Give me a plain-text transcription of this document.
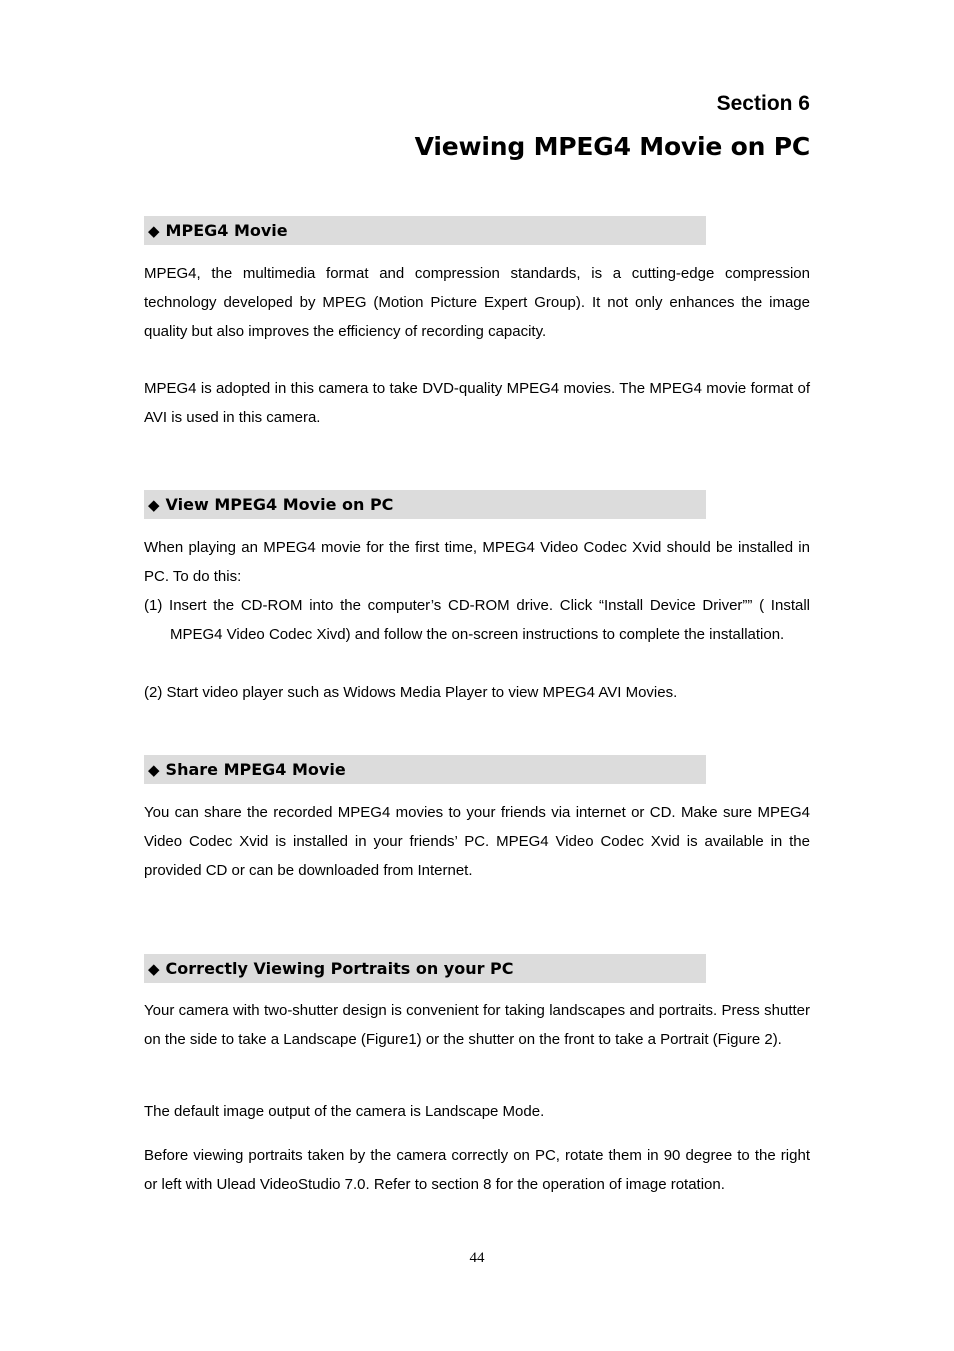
Section 6
Viewing MPEG4 Movie on PC
◆ MPEG4 Movie

MPEG4, the multimedia format and compression standards, is a cutting-edge compression technology developed by MPEG (Motion Picture Expert Group). It not only enhances the image quality but also improves the efficiency of recording capacity.

MPEG4 is adopted in this camera to take DVD-quality MPEG4 movies. The MPEG4 movie format of AVI is used in this camera.

◆ View MPEG4 Movie on PC

When playing an MPEG4 movie for the first time, MPEG4 Video Codec Xvid should be installed in PC. To do this:

(1) Insert the CD-ROM into the computer’s CD-ROM drive. Click “Install Device Driver”” ( Install MPEG4 Video Codec Xivd) and follow the on-screen instructions to complete the installation.

(2) Start video player such as Widows Media Player to view MPEG4 AVI Movies.

◆ Share MPEG4 Movie

You can share the recorded MPEG4 movies to your friends via internet or CD. Make sure MPEG4 Video Codec Xvid is installed in your friends’ PC. MPEG4 Video Codec Xvid is available in the provided CD or can be downloaded from Internet.

◆ Correctly Viewing Portraits on your PC

Your camera with two-shutter design is convenient for taking landscapes and portraits. Press shutter on the side to take a Landscape (Figure1) or the shutter on the front to take a Portrait (Figure 2).

The default image output of the camera is Landscape Mode.

Before viewing portraits taken by the camera correctly on PC, rotate them in 90 degree to the right or left with Ulead VideoStudio 7.0. Refer to section 8 for the operation of image rotation.

44
